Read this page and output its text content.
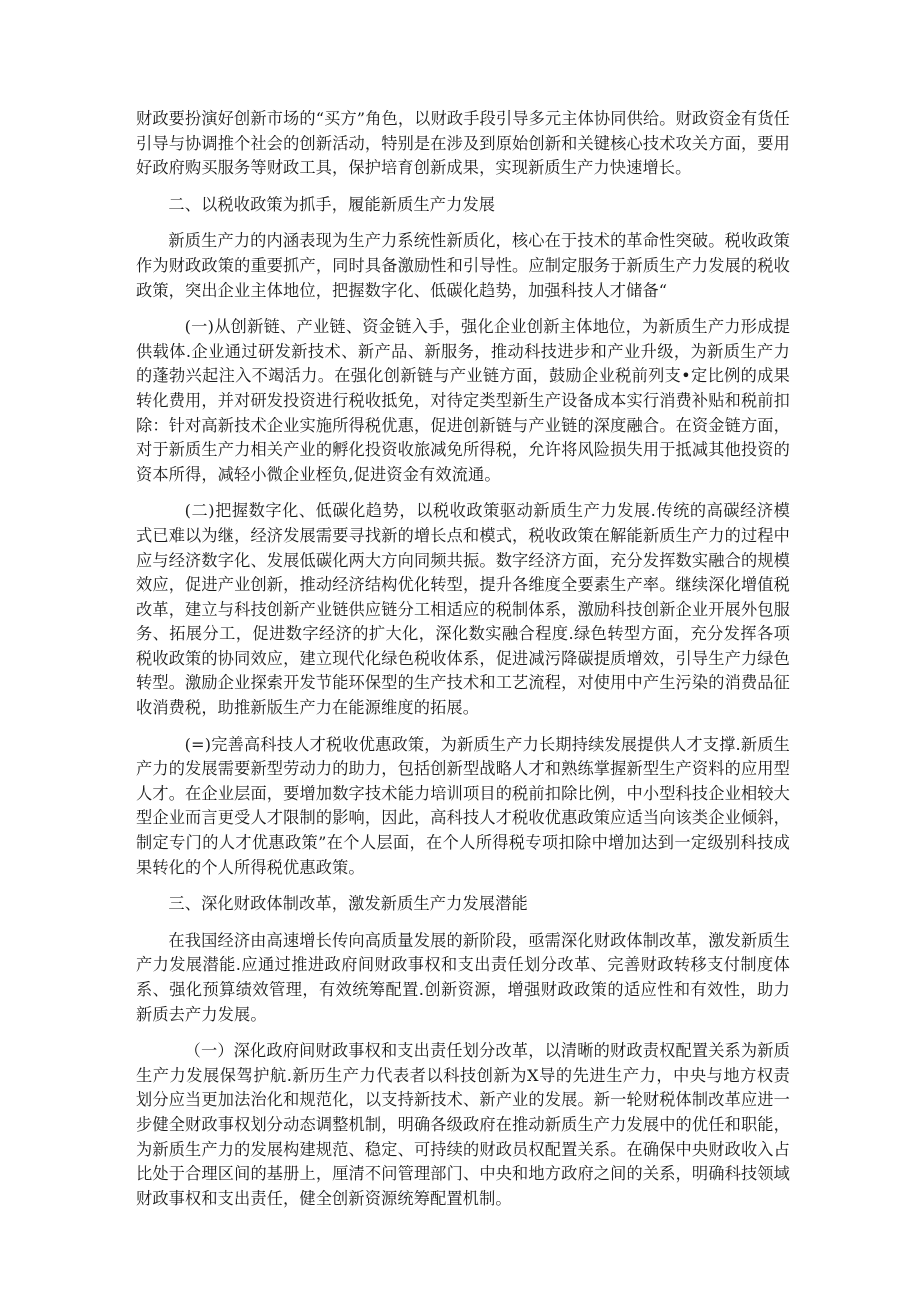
财政要扮演好创新市场的“买方”角色，以财政手段引导多元主体协同供给。财政资金有货任引导与协调推个社会的创新活动，特别是在涉及到原始创新和关键核心技术攻关方面，要用好政府购买服务等财政工具，保护培育创新成果，实现新质生产力快速增长。

二、以税收政策为抓手，履能新质生产力发展

新质生产力的内涵表现为生产力系统性新质化，核心在于技术的革命性突破。税收政策作为财政政策的重要抓产，同时具备激励性和引导性。应制定服务于新质生产力发展的税收政策，突出企业主体地位，把握数字化、低碳化趋势，加强科技人才储备“

(一)从创新链、产业链、资金链入手，强化企业创新主体地位，为新质生产力形成提供载体.企业通过研发新技术、新产品、新服务，推动科技进步和产业升级，为新质生产力的蓬勃兴起注入不竭活力。在强化创新链与产业链方面，鼓励企业税前列支•定比例的成果转化费用，并对研发投资进行税收抵免，对待定类型新生产设备成本实行消费补贴和税前扣除：针对高新技术企业实施所得税优惠，促进创新链与产业链的深度融合。在资金链方面，对于新质生产力相关产业的孵化投资收旅减免所得税，允许将风险损失用于抵减其他投资的资本所得，减轻小微企业桎负,促进资金有效流通。

(二)把握数字化、低碳化趋势，以税收政策驱动新质生产力发展.传统的高碳经济模式已难以为继，经济发展需要寻找新的增长点和模式，税收政策在解能新质生产力的过程中应与经济数字化、发展低碳化两大方向同频共振。数字经济方面，充分发挥数实融合的规模效应，促进产业创新，推动经济结构优化转型，提升各维度全要素生产率。继续深化增值税改革，建立与科技创新产业链供应链分工相适应的税制体系，激励科技创新企业开展外包服务、拓展分工，促进数字经济的扩大化，深化数实融合程度.绿色转型方面，充分发挥各项税收政策的协同效应，建立现代化绿色税收体系，促进减污降碳提质增效，引导生产力绿色转型。激励企业探索开发节能环保型的生产技术和工艺流程，对使用中产生污染的消费品征收消费税，助推新版生产力在能源维度的拓展。

(=)完善高科技人才税收优惠政策，为新质生产力长期持续发展提供人才支撑.新质生产力的发展需要新型劳动力的助力，包括创新型战略人才和熟练掌握新型生产资料的应用型人才。在企业层面，要增加数字技术能力培训项目的税前扣除比例，中小型科技企业相较大型企业而言更受人才限制的影响，因此，高科技人才税收优惠政策应适当向该类企业倾斜，制定专门的人才优惠政策”在个人层面，在个人所得税专项扣除中增加达到一定级别科技成果转化的个人所得税优惠政策。

三、深化财政体制改革，激发新质生产力发展潜能

在我国经济由高速增长传向高质量发展的新阶段，亟需深化财政体制改革，激发新质生产力发展潜能.应通过推进政府间财政事权和支出责任划分改革、完善财政转移支付制度体系、强化预算绩效管理，有效统筹配置.创新资源，增强财政政策的适应性和有效性，助力新质去产力发展。

（一）深化政府间财政事权和支出责任划分改革，以清晰的财政责权配置关系为新质生产力发展保驾护航.新历生产力代表者以科技创新为X导的先进生产力，中央与地方权责划分应当更加法治化和规范化，以支持新技术、新产业的发展。新一轮财税体制改革应进一步健全财政事权划分动态调整机制，明确各级政府在推动新质生产力发展中的优任和职能，为新质生产力的发展构建规范、稳定、可持续的财政员权配置关系。在确保中央财政收入占比处于合理区间的基册上，厘清不问管理部门、中央和地方政府之间的关系，明确科技领域财政事权和支出责任，健全创新资源统筹配置机制。
